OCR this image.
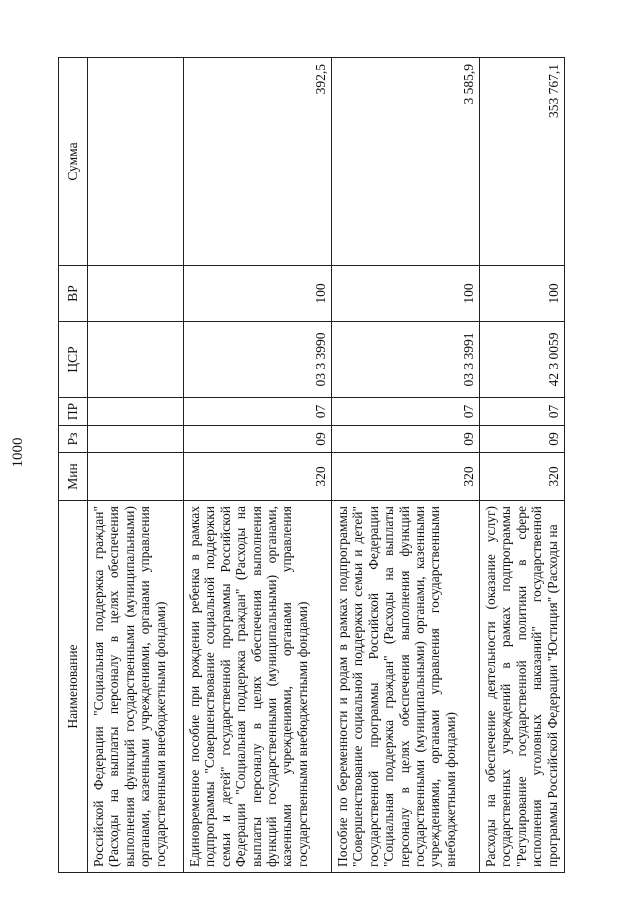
1000
Наименование	Мин	Рз	ПР	ЦСР	ВР	Сумма
Российской Федерации "Социальная поддержка граждан" (Расходы на выплаты персоналу в целях обеспечения выполнения функций государственными (муниципальными) органами, казенными учреждениями, органами управления государственными внебюджетными фондами)						
Единовременное пособие при рождении ребенка в рамках подпрограммы "Совершенствование социальной поддержки семьи и детей" государственной программы Российской Федерации "Социальная поддержка граждан" (Расходы на выплаты персоналу в целях обеспечения выполнения функций государственными (муниципальными) органами, казенными учреждениями, органами управления государственными внебюджетными фондами)	320	09	07	03 3 3990	100	392,5
Пособие по беременности и родам в рамках подпрограммы "Совершенствование социальной поддержки семьи и детей" государственной программы Российской Федерации "Социальная поддержка граждан" (Расходы на выплаты персоналу в целях обеспечения выполнения функций государственными (муниципальными) органами, казенными учреждениями, органами управления государственными внебюджетными фондами)	320	09	07	03 3 3991	100	3 585,9
Расходы на обеспечение деятельности (оказание услуг) государственных учреждений в рамках подпрограммы "Регулирование государственной политики в сфере исполнения уголовных наказаний" государственной программы Российской Федерации "Юстиция" (Расходы на	320	09	07	42 3 0059	100	353 767,1
